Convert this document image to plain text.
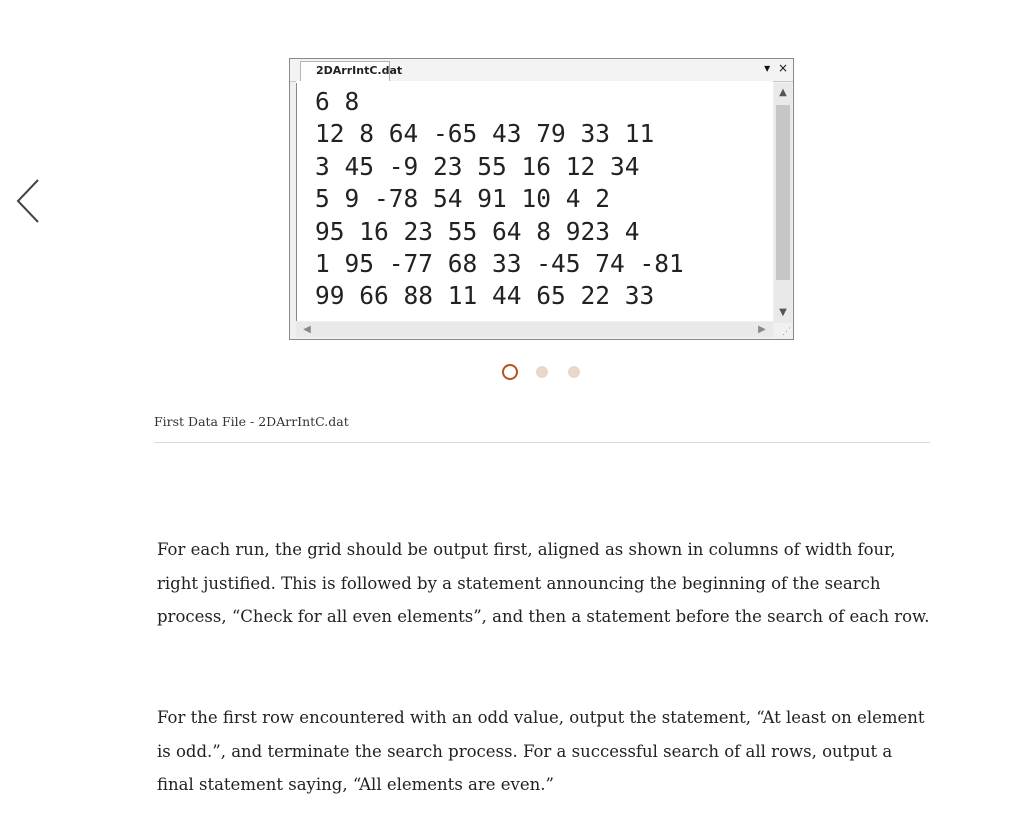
2DArrIntC.dat	▾ ×
6 8
12 8 64 -65 43 79 33 11
3 45 -9 23 55 16 12 34
5 9 -78 54 91 10 4 2
95 16 23 55 64 8 923 4
1 95 -77 68 33 -45 74 -81
99 66 88 11 44 65 22 33
▲
▼
◀	▶	⋰
First Data File - 2DArrIntC.dat

For each run, the grid should be output first, aligned as shown in columns of width four, right justified. This is followed by a statement announcing the beginning of the search process, “Check for all even elements”, and then a statement before the search of each row.

For the first row encountered with an odd value, output the statement, “At least on element is odd.”, and terminate the search process. For a successful search of all rows, output a final statement saying, “All elements are even.”
